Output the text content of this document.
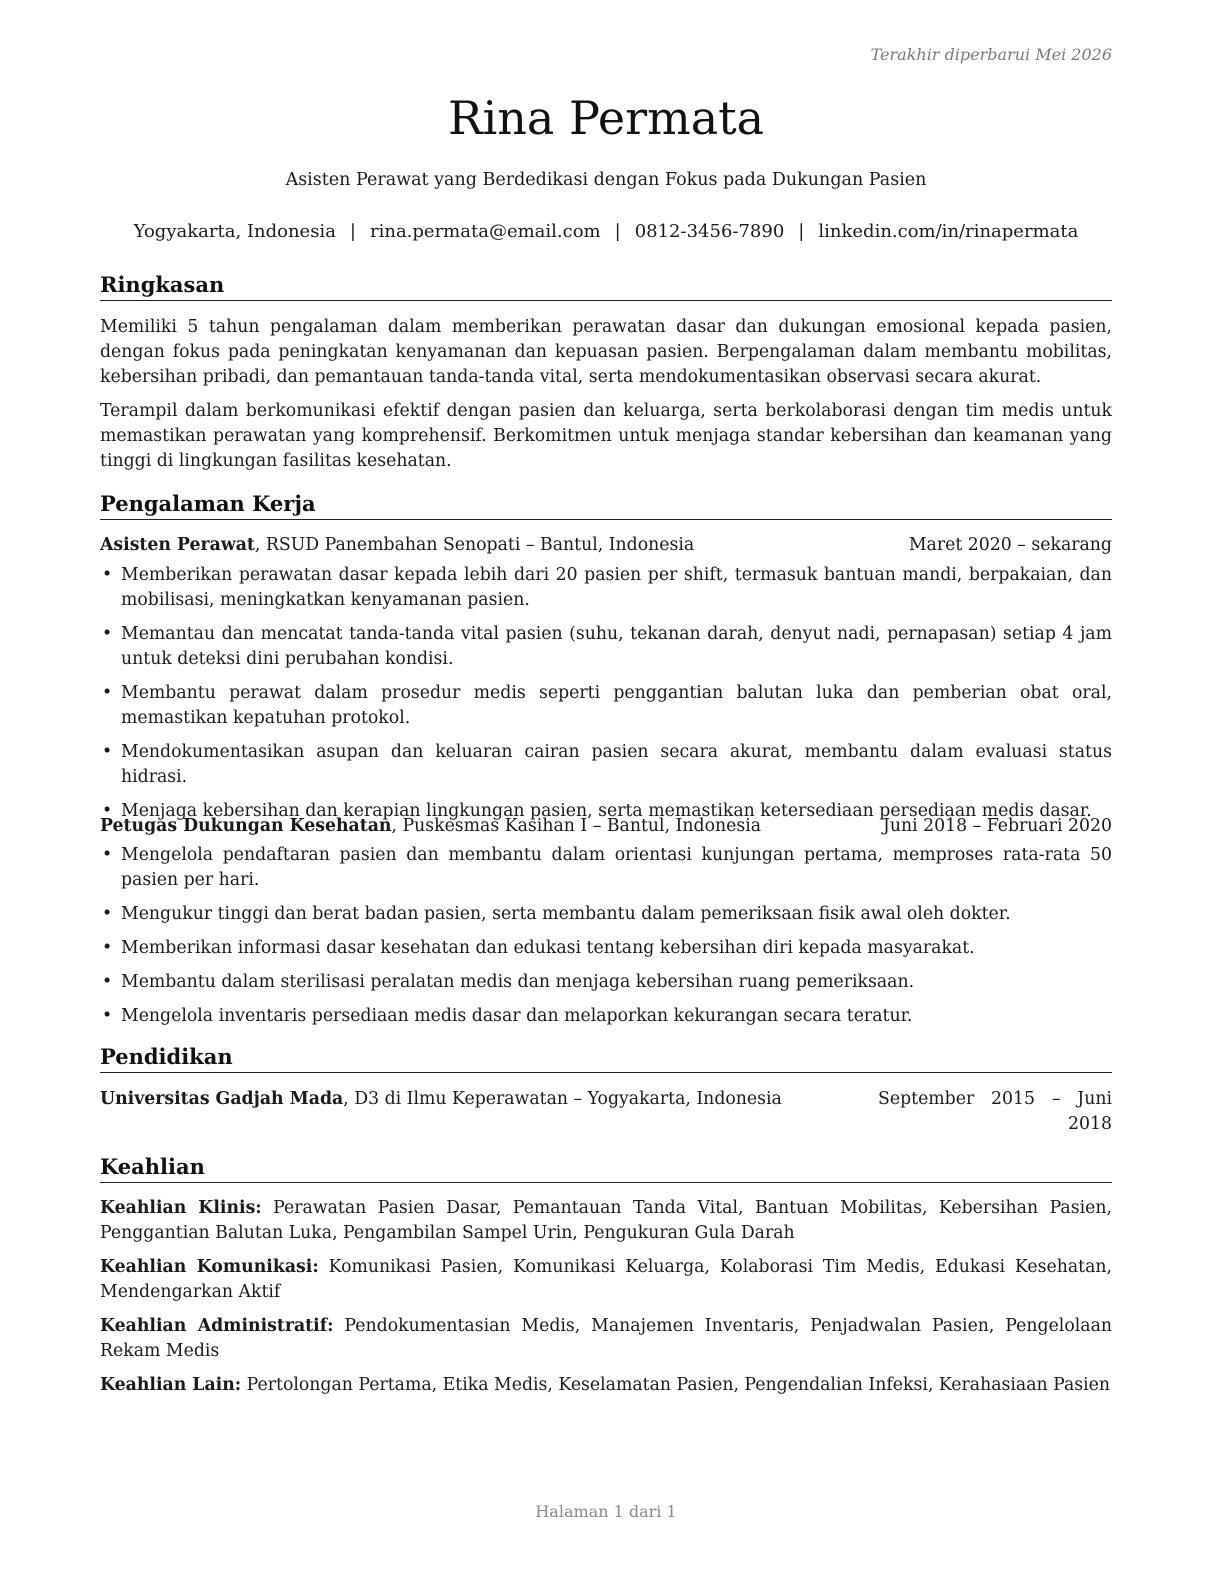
Terakhir diperbarui Mei 2026
Rina Permata
Asisten Perawat yang Berdedikasi dengan Fokus pada Dukungan Pasien
Yogyakarta, Indonesia | rina.permata@email.com | 0812-3456-7890 | linkedin.com/in/rinapermata
Ringkasan
Memiliki 5 tahun pengalaman dalam memberikan perawatan dasar dan dukungan emosional kepada pasien, dengan fokus pada peningkatan kenyamanan dan kepuasan pasien. Berpengalaman dalam membantu mobilitas, kebersihan pribadi, dan pemantauan tanda-tanda vital, serta mendokumentasikan observasi secara akurat.
Terampil dalam berkomunikasi efektif dengan pasien dan keluarga, serta berkolaborasi dengan tim medis untuk memastikan perawatan yang komprehensif. Berkomitmen untuk menjaga standar kebersihan dan keamanan yang tinggi di lingkungan fasilitas kesehatan.
Pengalaman Kerja
Asisten Perawat, RSUD Panembahan Senopati – Bantul, Indonesia	Maret 2020 – sekarang
• Memberikan perawatan dasar kepada lebih dari 20 pasien per shift, termasuk bantuan mandi, berpakaian, dan mobilisasi, meningkatkan kenyamanan pasien.
• Memantau dan mencatat tanda-tanda vital pasien (suhu, tekanan darah, denyut nadi, pernapasan) setiap 4 jam untuk deteksi dini perubahan kondisi.
• Membantu perawat dalam prosedur medis seperti penggantian balutan luka dan pemberian obat oral, memastikan kepatuhan protokol.
• Mendokumentasikan asupan dan keluaran cairan pasien secara akurat, membantu dalam evaluasi status hidrasi.
• Menjaga kebersihan dan kerapian lingkungan pasien, serta memastikan ketersediaan persediaan medis dasar.
Petugas Dukungan Kesehatan, Puskesmas Kasihan I – Bantul, Indonesia	Juni 2018 – Februari 2020
• Mengelola pendaftaran pasien dan membantu dalam orientasi kunjungan pertama, memproses rata-rata 50 pasien per hari.
• Mengukur tinggi dan berat badan pasien, serta membantu dalam pemeriksaan fisik awal oleh dokter.
• Memberikan informasi dasar kesehatan dan edukasi tentang kebersihan diri kepada masyarakat.
• Membantu dalam sterilisasi peralatan medis dan menjaga kebersihan ruang pemeriksaan.
• Mengelola inventaris persediaan medis dasar dan melaporkan kekurangan secara teratur.
Pendidikan
Universitas Gadjah Mada, D3 di Ilmu Keperawatan – Yogyakarta, Indonesia	September 2015 – Juni 2018
Keahlian
Keahlian Klinis: Perawatan Pasien Dasar, Pemantauan Tanda Vital, Bantuan Mobilitas, Kebersihan Pasien, Penggantian Balutan Luka, Pengambilan Sampel Urin, Pengukuran Gula Darah
Keahlian Komunikasi: Komunikasi Pasien, Komunikasi Keluarga, Kolaborasi Tim Medis, Edukasi Kesehatan, Mendengarkan Aktif
Keahlian Administratif: Pendokumentasian Medis, Manajemen Inventaris, Penjadwalan Pasien, Pengelolaan Rekam Medis
Keahlian Lain: Pertolongan Pertama, Etika Medis, Keselamatan Pasien, Pengendalian Infeksi, Kerahasiaan Pasien
Halaman 1 dari 1
